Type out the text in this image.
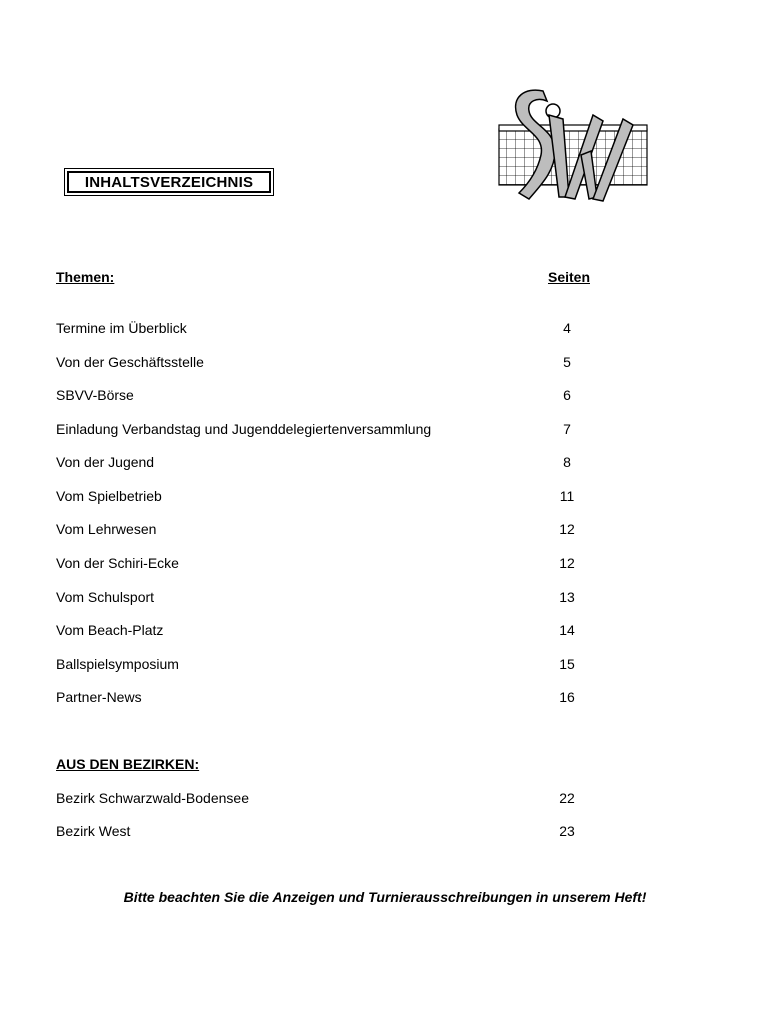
INHALTSVERZEICHNIS
Themen:	Seiten
Termine im Überblick	4
Von der Geschäftsstelle	5
SBVV-Börse	6
Einladung Verbandstag und Jugenddelegiertenversammlung	7
Von der Jugend	8
Vom Spielbetrieb	11
Vom Lehrwesen	12
Von der Schiri-Ecke	12
Vom Schulsport	13
Vom Beach-Platz	14
Ballspielsymposium	15
Partner-News	16
AUS DEN BEZIRKEN:
Bezirk Schwarzwald-Bodensee	22
Bezirk West	23
Bitte beachten Sie die Anzeigen und Turnierausschreibungen in unserem Heft!
